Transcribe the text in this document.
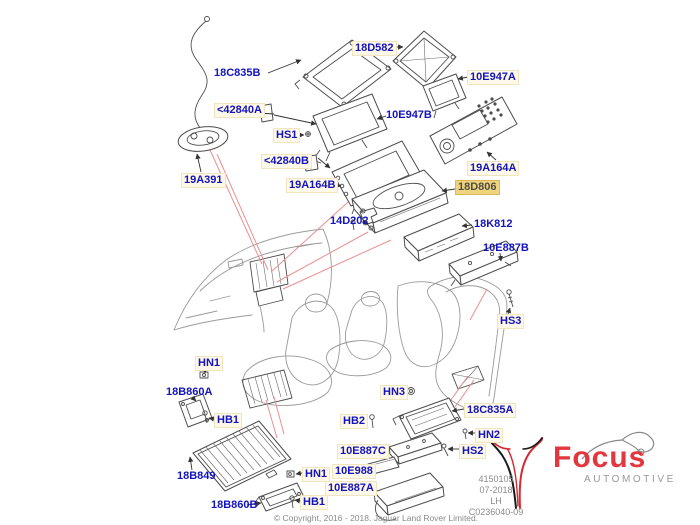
18C835B
18D582
10E947A
<42840A
HS1
10E947B
<42840B
19A164A
19A391	19A164B	18D806
14D202	18K812
10E887B
HS3
HN1
18B860A
HB1
HN3
18C835A
HB2
HN2
10E887C	HS2
10E988
18B849
10E887A
HN1
18B860B	HB1
4150105
07-2018
LH
C0236040-09
© Copyright, 2016 - 2018. Jaguar Land Rover Limited.
Focus
AUTOMOTIVE
